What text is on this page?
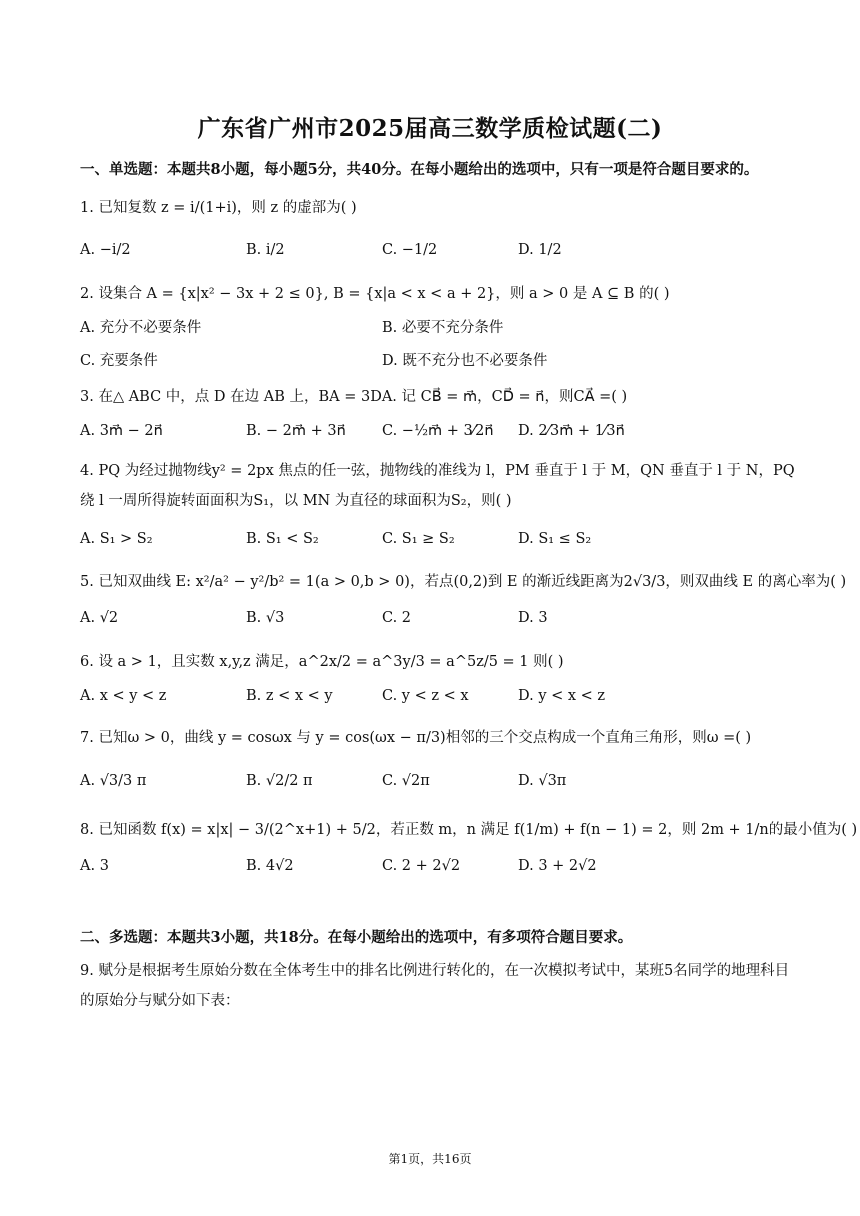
广东省广州市2025届高三数学质检试题(二)
一、单选题：本题共8小题，每小题5分，共40分。在每小题给出的选项中，只有一项是符合题目要求的。
1. 已知复数 z = i/(1+i)，则 z 的虚部为( )
A. −i/2	B. i/2	C. −1/2	D. 1/2
2. 设集合 A = {x|x² − 3x + 2 ≤ 0}, B = {x|a < x < a + 2}，则 a > 0 是 A ⊆ B 的( )
A. 充分不必要条件	B. 必要不充分条件
C. 充要条件	D. 既不充分也不必要条件
3. 在△ ABC 中，点 D 在边 AB 上，BA = 3DA. 记 CB⃗ = m⃗，CD⃗ = n⃗，则CA⃗ =( )
A. 3m⃗ − 2n⃗	B. − 2m⃗ + 3n⃗ C. −½m⃗ + 3⁄2n⃗ D. 2⁄3m⃗ + 1⁄3n⃗
4. PQ 为经过抛物线y² = 2px 焦点的任一弦，抛物线的准线为 l，PM 垂直于 l 于 M，QN 垂直于 l 于 N，PQ 绕 l 一周所得旋转面面积为S₁，以 MN 为直径的球面积为S₂，则( )
A. S₁ > S₂	B. S₁ < S₂	C. S₁ ≥ S₂	D. S₁ ≤ S₂
5. 已知双曲线 E: x²/a² − y²/b² = 1(a > 0,b > 0)，若点(0,2)到 E 的渐近线距离为2√3/3，则双曲线 E 的离心率为( )
A. √2	B. √3	C. 2	D. 3
6. 设 a > 1，且实数 x,y,z 满足，a^2x/2 = a^3y/3 = a^5z/5 = 1 则( )
A. x < y < z	B. z < x < y	C. y < z < x	D. y < x < z
7. 已知ω > 0，曲线 y = cosωx 与 y = cos(ωx − π/3)相邻的三个交点构成一个直角三角形，则ω =( )
A. √3/3 π	B. √2/2 π	C. √2π	D. √3π
8. 已知函数 f(x) = x|x| − 3/(2^x+1) + 5/2，若正数 m，n 满足 f(1/m) + f(n − 1) = 2，则 2m + 1/n的最小值为( )
A. 3	B. 4√2	C. 2 + 2√2	D. 3 + 2√2
二、多选题：本题共3小题，共18分。在每小题给出的选项中，有多项符合题目要求。
9. 赋分是根据考生原始分数在全体考生中的排名比例进行转化的，在一次模拟考试中，某班5名同学的地理科目的原始分与赋分如下表：
第1页，共16页
